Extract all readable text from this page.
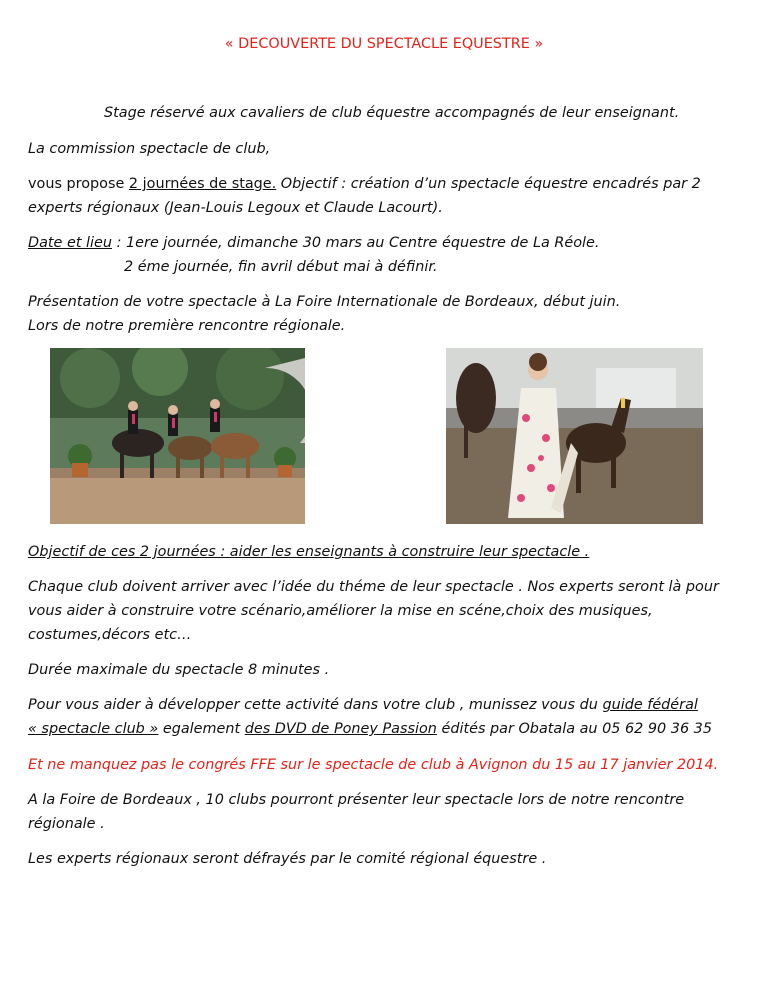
« DECOUVERTE DU SPECTACLE EQUESTRE »
Stage réservé aux cavaliers de club équestre accompagnés de leur enseignant.
La commission spectacle de club,
vous propose 2 journées de stage. Objectif : création d’un spectacle équestre encadrés par 2
experts régionaux (Jean-Louis Legoux et Claude Lacourt).
Date et lieu : 1ere journée, dimanche 30 mars au Centre équestre de La Réole.
2 éme journée, fin avril début mai à définir.
Présentation de votre spectacle à La Foire Internationale de Bordeaux, début juin.
Lors de notre première rencontre régionale.
Objectif de ces 2 journées : aider les enseignants à construire leur spectacle .
Chaque club doivent arriver avec l’idée du théme de leur spectacle . Nos experts seront là pour
vous aider à construire votre scénario,améliorer la mise en scéne,choix des musiques,
costumes,décors etc…
Durée maximale du spectacle 8 minutes .
Pour vous aider à développer cette activité dans votre club , munissez vous du guide fédéral
« spectacle club » egalement des DVD de Poney Passion édités par Obatala au 05 62 90 36 35
Et ne manquez pas le congrés FFE sur le spectacle de club à Avignon du 15 au 17 janvier 2014.
A la Foire de Bordeaux , 10 clubs pourront présenter leur spectacle lors de notre rencontre
régionale .
Les experts régionaux seront défrayés par le comité régional équestre .
